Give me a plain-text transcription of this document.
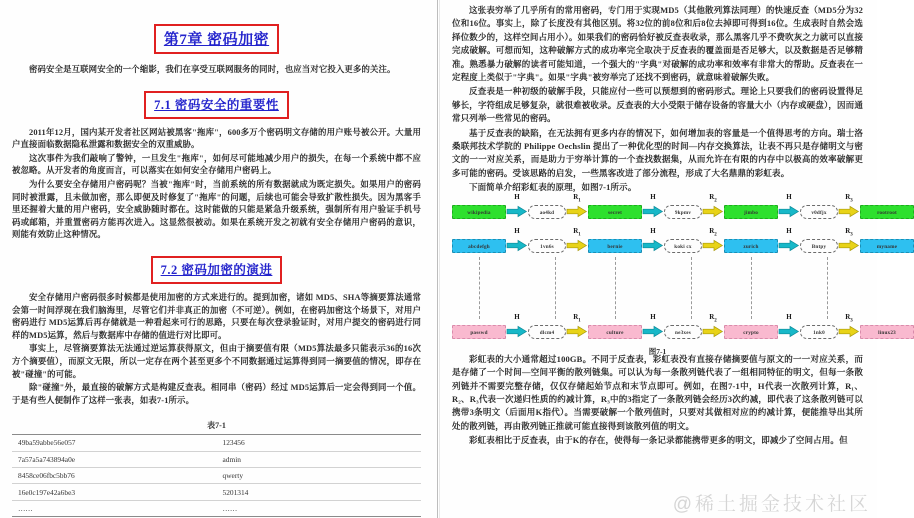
第7章 密码加密

密码安全是互联网安全的一个缩影，我们在享受互联网服务的同时，也应当对它投入更多的关注。

7.1 密码安全的重要性

2011年12月，国内某开发者社区网站被黑客"拖库"，600多万个密码明文存储的用户账号被公开。大量用户直接面临数据隐私泄露和数据安全的双重威胁。

这次事件为我们敲响了警钟，一旦发生"拖库"，如何尽可能地减少用户的损失，在每一个系统中都不应被忽略。从开发者的角度而言，可以落实在如何安全存储用户密码上。

为什么要安全存储用户密码呢？当被"拖库"时，当前系统的所有数据就成为既定损失。如果用户的密码同时被泄露，且未做加密，那么即便及时修复了"拖库"的问题，后续也可能会导致扩散性损失。因为黑客手里还握着大量的用户密码，安全威胁随时都在。这时能做的只能是紧急升级系统，强制所有用户验证手机号码或邮箱，并重置密码方能再次进入。这显然很被动。如果在系统开发之初就有安全存储用户密码的意识，则能有效防止这种情况。

7.2 密码加密的演进

安全存储用户密码很多时候都是使用加密的方式来进行的。提到加密，诸如 MD5、SHA等摘要算法通常会第一时间浮现在我们脑海里，尽管它们并非真正的加密（不可逆）。例如，在密码加密这个场景下，对用户密码进行 MD5运算后再存储就是一种看起来可行的思路，只要在每次登录验证时，对用户提交的密码进行同样的MD5运算，然后与数据库中存储的值进行对比即可。

事实上，尽管摘要算法无法通过逆运算获得原文，但由于摘要值有限（MD5算法最多只能表示36的16次方个摘要值），而原文无限，所以一定存在两个甚至更多个不同数据通过运算得到同一摘要值的情况，即存在被"碰撞"的可能。

除"碰撞"外，最直接的破解方式是构建反查表。相同串（密码）经过 MD5运算后一定会得到同一个值。于是有些人便制作了这样一张表，如表7-1所示。

表7-1
49ba59abbe56e057	123456
7a57a5a743894a0e	admin
8458ce06fbc5bb76	qwerty
16e0c197e42a6be3	5201314
……	……

这张表穷举了几乎所有的常用密码，专门用于实现MD5（其他散列算法同理）的快速反查（MD5分为32位和16位。事实上，除了长度没有其他区别。将32位的前8位和后8位去掉即可得到16位。生成表时自然会选择位数少的，这样空间占用小）。如果我们的密码恰好被反查表收录，那么黑客几乎不费吹灰之力就可以直接完成破解。可想而知，这种破解方式的成功率完全取决于反查表的覆盖面是否足够大，以及数据是否足够精准。熟悉暴力破解的读者可能知道，一个强大的"字典"对破解的成功率和效率有非常大的帮助。反查表在一定程度上类似于"字典"。如果"字典"被穷举完了还找不到密码，就意味着破解失败。

反查表是一种初级的破解手段，只能应付一些可以预想到的密码形式。理论上只要我们的密码设置得足够长，字符组成足够复杂，就很难被收录。反查表的大小受限于储存设备的容量大小（内存或硬盘），因而通常只列举一些常见的密码。

基于反查表的缺陷，在无法拥有更多内存的情况下，如何增加表的容量是一个值得思考的方向。瑞士洛桑联邦技术学院的 Philippe Oechslin 提出了一种优化型的时间—内存交换算法，让表不再只是存储明文与密文的一一对应关系，而是助力于穷举计算的一个查找数据集，从而允许在有限的内存中以极高的效率破解更多可能的密码。受该思路的启发，一些黑客改进了部分流程，形成了大名鼎鼎的彩虹表。

下面简单介绍彩虹表的原理，如图7-1所示。

wikipedia
H
ao4kd
$R_1$
secret
H
9kpmv
$R_2$
jimbo
H
v0dfjx
$R_3$
rootroot
abcdefgh
H
1vn6s
$R_1$
bernie
H
koki cx
$R_2$
zurich
H
Bntpy
$R_3$
myname
passwd
H
dlcm4
$R_1$
culture
H
ne3xes
$R_2$
crypto
H
1nk0
$R_3$
linux23
图7-1

彩虹表的大小通常超过100GB。不同于反查表，彩虹表没有直接存储摘要值与原文的一一对应关系，而是存储了一个时间—空间平衡的散列链集。可以认为每一条散列链代表了一组相同特征的明文，但每一条散列链并不需要完整存储，仅仅存储起始节点和末节点即可。例如，在图7-1中，H代表一次散列计算，R₁、R₂、R₃代表一次递归性质的约减计算，R₃中的3指定了一条散列链会经历3次约减，即代表了这条散列链可以携带3条明文（后面用K指代）。当需要破解一个散列值时，只要对其做相对应的约减计算，便能推导出其所处的散列链，再由散列链正推就可能直接得到该散列值的明文。

彩虹表相比于反查表，由于K的存在，使得每一条记录都能携带更多的明文，即减少了空间占用。但

@稀土掘金技术社区
